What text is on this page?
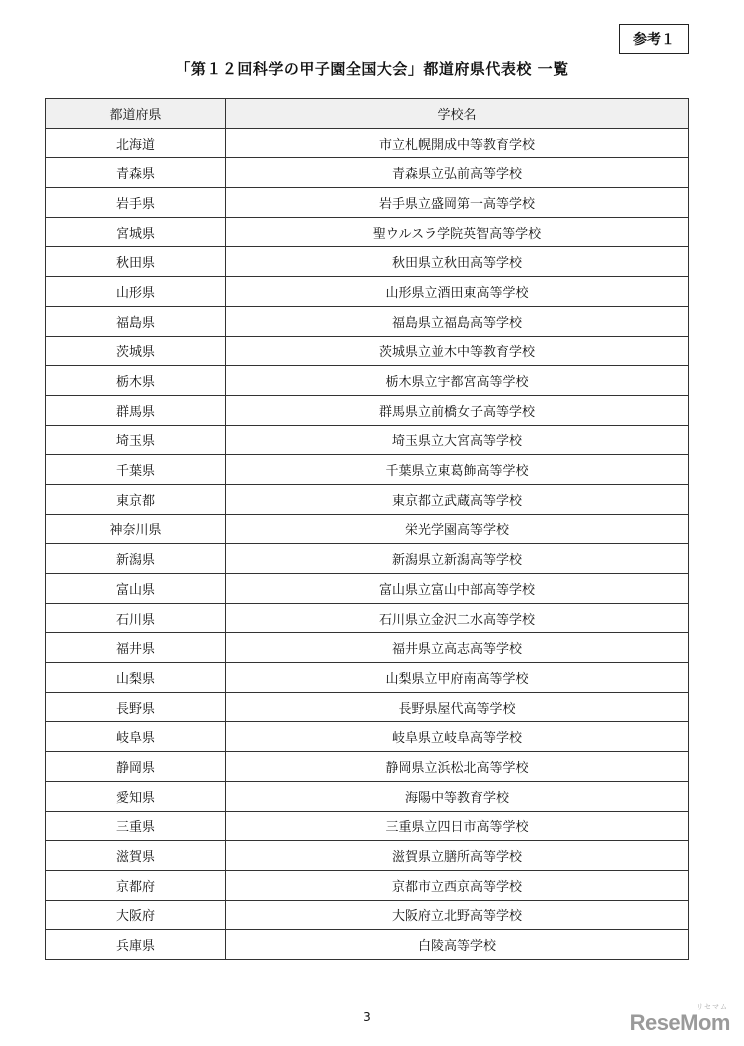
参考１
「第１２回科学の甲子園全国大会」都道府県代表校 一覧
都道府県	学校名
北海道	市立札幌開成中等教育学校
青森県	青森県立弘前高等学校
岩手県	岩手県立盛岡第一高等学校
宮城県	聖ウルスラ学院英智高等学校
秋田県	秋田県立秋田高等学校
山形県	山形県立酒田東高等学校
福島県	福島県立福島高等学校
茨城県	茨城県立並木中等教育学校
栃木県	栃木県立宇都宮高等学校
群馬県	群馬県立前橋女子高等学校
埼玉県	埼玉県立大宮高等学校
千葉県	千葉県立東葛飾高等学校
東京都	東京都立武蔵高等学校
神奈川県	栄光学園高等学校
新潟県	新潟県立新潟高等学校
富山県	富山県立富山中部高等学校
石川県	石川県立金沢二水高等学校
福井県	福井県立高志高等学校
山梨県	山梨県立甲府南高等学校
長野県	長野県屋代高等学校
岐阜県	岐阜県立岐阜高等学校
静岡県	静岡県立浜松北高等学校
愛知県	海陽中等教育学校
三重県	三重県立四日市高等学校
滋賀県	滋賀県立膳所高等学校
京都府	京都市立西京高等学校
大阪府	大阪府立北野高等学校
兵庫県	白陵高等学校
3	ReseMom
リセマム
